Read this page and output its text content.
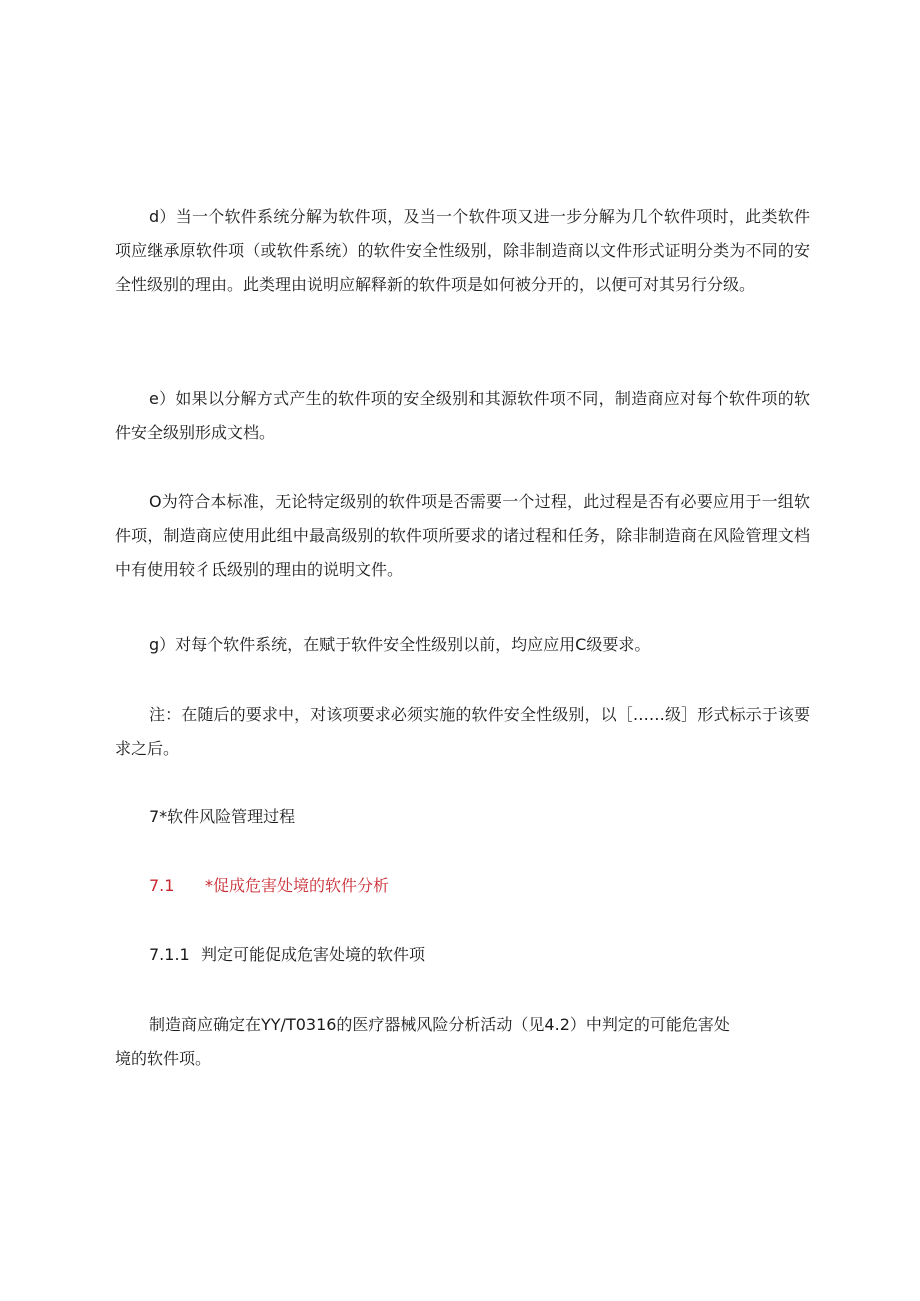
d）当一个软件系统分解为软件项，及当一个软件项又进一步分解为几个软件项时，此类软件项应继承原软件项（或软件系统）的软件安全性级别，除非制造商以文件形式证明分类为不同的安全性级别的理由。此类理由说明应解释新的软件项是如何被分开的，以便可对其另行分级。

e）如果以分解方式产生的软件项的安全级别和其源软件项不同，制造商应对每个软件项的软件安全级别形成文档。

O为符合本标准，无论特定级别的软件项是否需要一个过程，此过程是否有必要应用于一组软件项，制造商应使用此组中最高级别的软件项所要求的诸过程和任务，除非制造商在风险管理文档中有使用较彳氐级别的理由的说明文件。

g）对每个软件系统，在赋于软件安全性级别以前，均应应用C级要求。

注：在随后的要求中，对该项要求必须实施的软件安全性级别，以［……级］形式标示于该要求之后。

7*软件风险管理过程

7.1 *促成危害处境的软件分析

7.1.1 判定可能促成危害处境的软件项

制造商应确定在YY/T0316的医疗器械风险分析活动（见4.2）中判定的可能危害处

境的软件项。
